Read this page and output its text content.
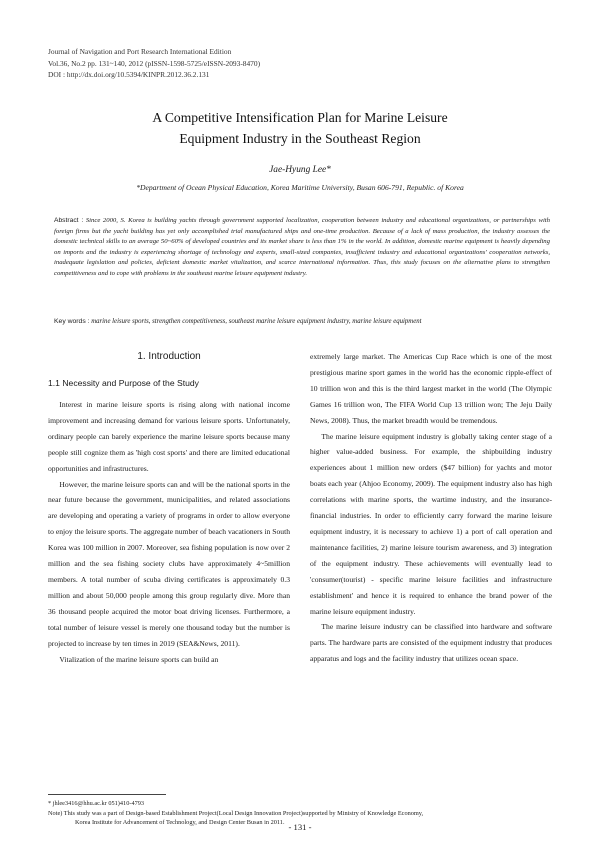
Journal of Navigation and Port Research International Edition
Vol.36, No.2 pp. 131~140, 2012 (pISSN-1598-5725/eISSN-2093-8470)
DOI : http://dx.doi.org/10.5394/KINPR.2012.36.2.131
A Competitive Intensification Plan for Marine Leisure
Equipment Industry in the Southeast Region
Jae-Hyung Lee*
*Department of Ocean Physical Education, Korea Maritime University, Busan 606-791, Republic. of Korea
Abstract : Since 2000, S. Korea is building yachts through government supported localization, cooperation between industry and educational organizations, or partnerships with foreign firms but the yacht building has yet only accomplished trial manufactured ships and one-time production. Because of a lack of mass production, the industry assesses the domestic technical skills to an average 50~60% of developed countries and its market share is less than 1% in the world. In addition, domestic marine equipment is heavily depending on imports and the industry is experiencing shortage of technology and experts, small-sized companies, insufficient industry and educational organizations' cooperation networks, inadequate legislation and policies, deficient domestic market vitalization, and scarce international information. Thus, this study focuses on the alternative plans to strengthen competitiveness and to cope with problems in the southeast marine leisure equipment industry.
Key words : marine leisure sports, strengthen competitiveness, southeast marine leisure equipment industry, marine leisure equipment
1. Introduction
1.1 Necessity and Purpose of the Study

Interest in marine leisure sports is rising along with national income improvement and increasing demand for various leisure sports. Unfortunately, ordinary people can barely experience the marine leisure sports because many people still cognize them as 'high cost sports' and there are limited educational opportunities and infrastructures.

However, the marine leisure sports can and will be the national sports in the near future because the government, municipalities, and related associations are developing and operating a variety of programs in order to allow everyone to enjoy the leisure sports. The aggregate number of beach vacationers in South Korea was 100 million in 2007. Moreover, sea fishing population is now over 2 million and the sea fishing society clubs have approximately 4~5million members. A total number of scuba diving certificates is approximately 0.3 million and about 50,000 people among this group regularly dive. More than 36 thousand people acquired the motor boat driving licenses. Furthermore, a total number of leisure vessel is merely one thousand today but the number is projected to increase by ten times in 2019 (SEA&News, 2011).

Vitalization of the marine leisure sports can build an

extremely large market. The Americas Cup Race which is one of the most prestigious marine sport games in the world has the economic ripple-effect of 10 trillion won and this is the third largest market in the world (The Olympic Games 16 trillion won, The FIFA World Cup 13 trillion won; The Jeju Daily News, 2008). Thus, the market breadth would be tremendous.

The marine leisure equipment industry is globally taking center stage of a higher value-added business. For example, the shipbuilding industry experiences about 1 million new orders ($47 billion) for yachts and motor boats each year (Ahjoo Economy, 2009). The equipment industry also has high correlations with marine sports, the wartime industry, and the insurance-financial industries. In order to efficiently carry forward the marine leisure equipment industry, it is necessary to achieve 1) a port of call operation and maintenance facilities, 2) marine leisure tourism awareness, and 3) integration of the equipment industry. These achievements will eventually lead to 'consumer(tourist) - specific marine leisure facilities and infrastructure establishment' and hence it is required to enhance the brand power of the marine leisure equipment industry.

The marine leisure industry can be classified into hardware and software parts. The hardware parts are consisted of the equipment industry that produces apparatus and logs and the facility industry that utilizes ocean space.

* jhlee3416@hhu.ac.kr 051)410-4793
Note) This study was a part of Design-based Establishment Project(Local Design Innovation Project)supported by Ministry of Knowledge Economy,
Korea Institute for Advancement of Technology, and Design Center Busan in 2011. - 131 -
